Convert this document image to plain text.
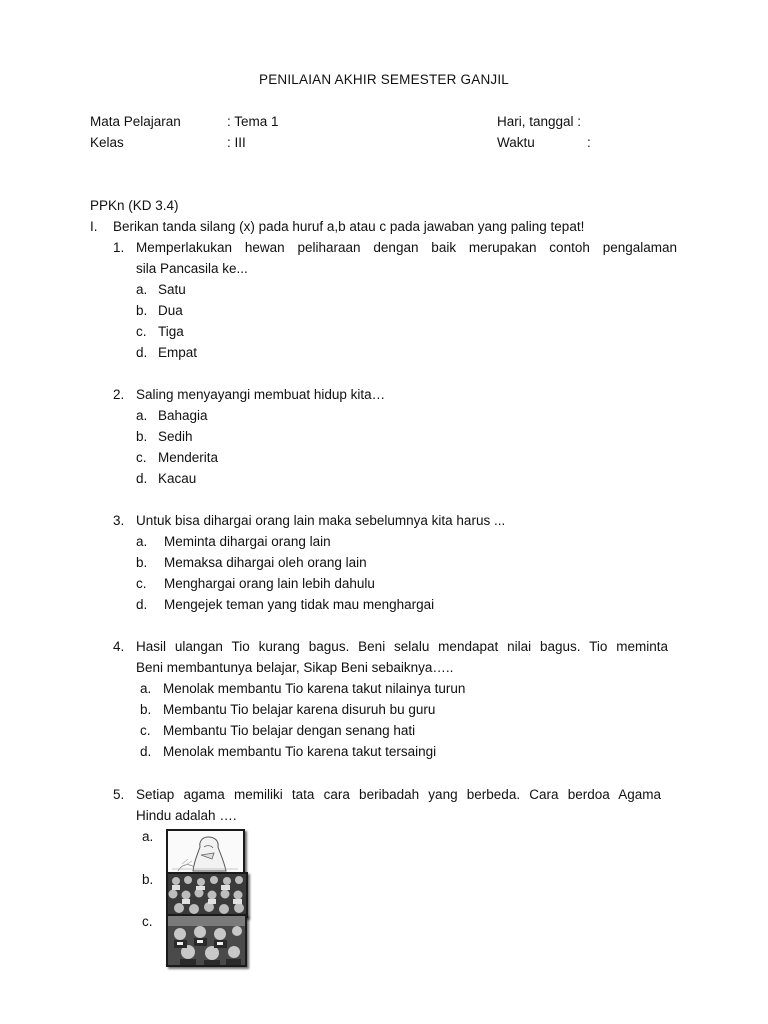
PENILAIAN AKHIR SEMESTER GANJIL
Mata Pelajaran	: Tema 1	Hari, tanggal :
Kelas	: III	Waktu	:
PPKn (KD 3.4)
I. Berikan tanda silang (x) pada huruf a,b atau c pada jawaban yang paling tepat!
1. Memperlakukan hewan peliharaan dengan baik merupakan contoh pengalaman
sila Pancasila ke...
a. Satu
b. Dua
c. Tiga
d. Empat
2. Saling menyayangi membuat hidup kita…
a. Bahagia
b. Sedih
c. Menderita
d. Kacau
3. Untuk bisa dihargai orang lain maka sebelumnya kita harus ...
a. Meminta dihargai orang lain
b. Memaksa dihargai oleh orang lain
c. Menghargai orang lain lebih dahulu
d. Mengejek teman yang tidak mau menghargai
4. Hasil ulangan Tio kurang bagus. Beni selalu mendapat nilai bagus. Tio meminta
Beni membantunya belajar, Sikap Beni sebaiknya…..
a. Menolak membantu Tio karena takut nilainya turun
b. Membantu Tio belajar karena disuruh bu guru
c. Membantu Tio belajar dengan senang hati
d. Menolak membantu Tio karena takut tersaingi
5. Setiap agama memiliki tata cara beribadah yang berbeda. Cara berdoa Agama
Hindu adalah ….
a.
b.
c.
